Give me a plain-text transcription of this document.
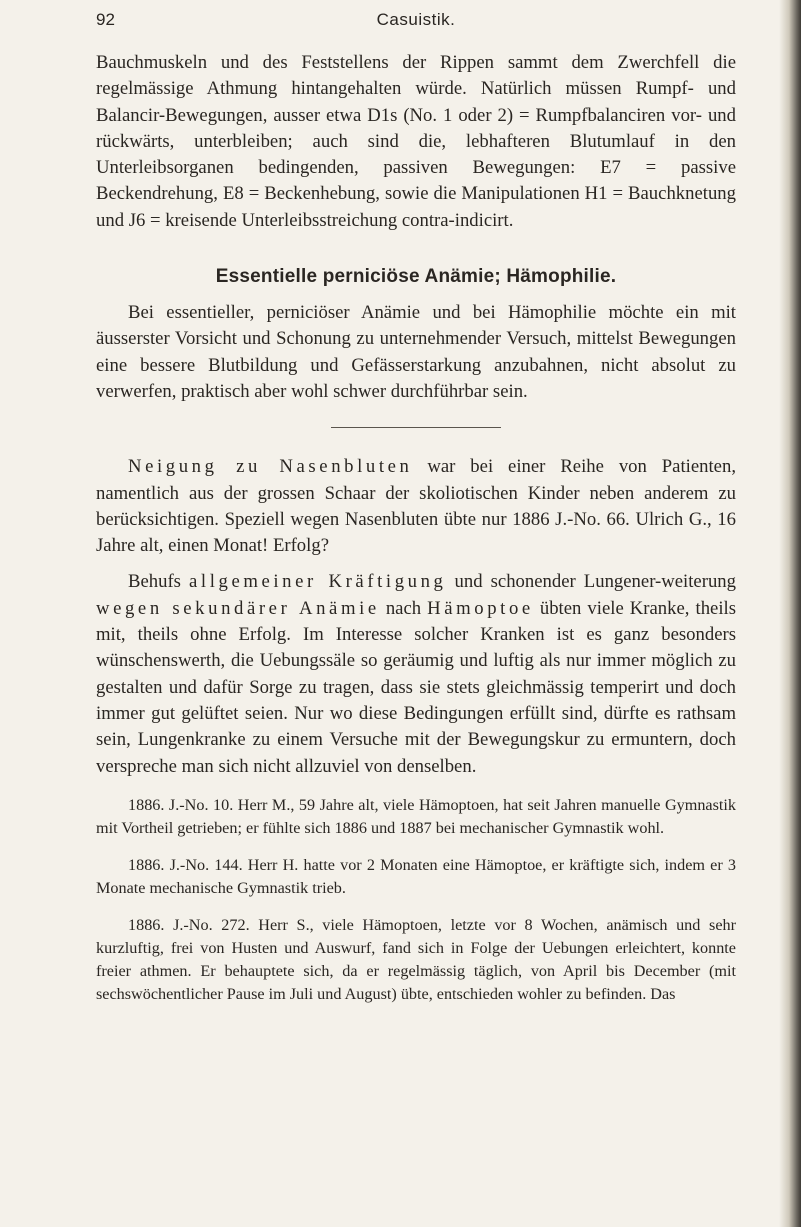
92	Casuistik.

Bauchmuskeln und des Feststellens der Rippen sammt dem Zwerchfell die regelmässige Athmung hintangehalten würde. Natürlich müssen Rumpf- und Balancir-Bewegungen, ausser etwa D1s (No. 1 oder 2) = Rumpfbalanciren vor- und rückwärts, unterbleiben; auch sind die, lebhafteren Blutumlauf in den Unterleibsorganen bedingenden, passiven Bewegungen: E7 = passive Beckendrehung, E8 = Beckenhebung, sowie die Manipulationen H1 = Bauchknetung und J6 = kreisende Unterleibsstreichung contra-indicirt.

Essentielle perniciöse Anämie; Hämophilie.

Bei essentieller, perniciöser Anämie und bei Hämophilie möchte ein mit äusserster Vorsicht und Schonung zu unternehmender Versuch, mittelst Bewegungen eine bessere Blutbildung und Gefässerstarkung anzubahnen, nicht absolut zu verwerfen, praktisch aber wohl schwer durchführbar sein.

Neigung zu Nasenbluten war bei einer Reihe von Patienten, namentlich aus der grossen Schaar der skoliotischen Kinder neben anderem zu berücksichtigen. Speziell wegen Nasenbluten übte nur 1886 J.-No. 66. Ulrich G., 16 Jahre alt, einen Monat! Erfolg?

Behufs allgemeiner Kräftigung und schonender Lungener-weiterung wegen sekundärer Anämie nach Hämoptoe übten viele Kranke, theils mit, theils ohne Erfolg. Im Interesse solcher Kranken ist es ganz besonders wünschenswerth, die Uebungssäle so geräumig und luftig als nur immer möglich zu gestalten und dafür Sorge zu tragen, dass sie stets gleichmässig temperirt und doch immer gut gelüftet seien. Nur wo diese Bedingungen erfüllt sind, dürfte es rathsam sein, Lungenkranke zu einem Versuche mit der Bewegungskur zu ermuntern, doch verspreche man sich nicht allzuviel von denselben.

1886. J.-No. 10. Herr M., 59 Jahre alt, viele Hämoptoen, hat seit Jahren manuelle Gymnastik mit Vortheil getrieben; er fühlte sich 1886 und 1887 bei mechanischer Gymnastik wohl.

1886. J.-No. 144. Herr H. hatte vor 2 Monaten eine Hämoptoe, er kräftigte sich, indem er 3 Monate mechanische Gymnastik trieb.

1886. J.-No. 272. Herr S., viele Hämoptoen, letzte vor 8 Wochen, anämisch und sehr kurzluftig, frei von Husten und Auswurf, fand sich in Folge der Uebungen erleichtert, konnte freier athmen. Er behauptete sich, da er regelmässig täglich, von April bis December (mit sechswöchentlicher Pause im Juli und August) übte, entschieden wohler zu befinden. Das
